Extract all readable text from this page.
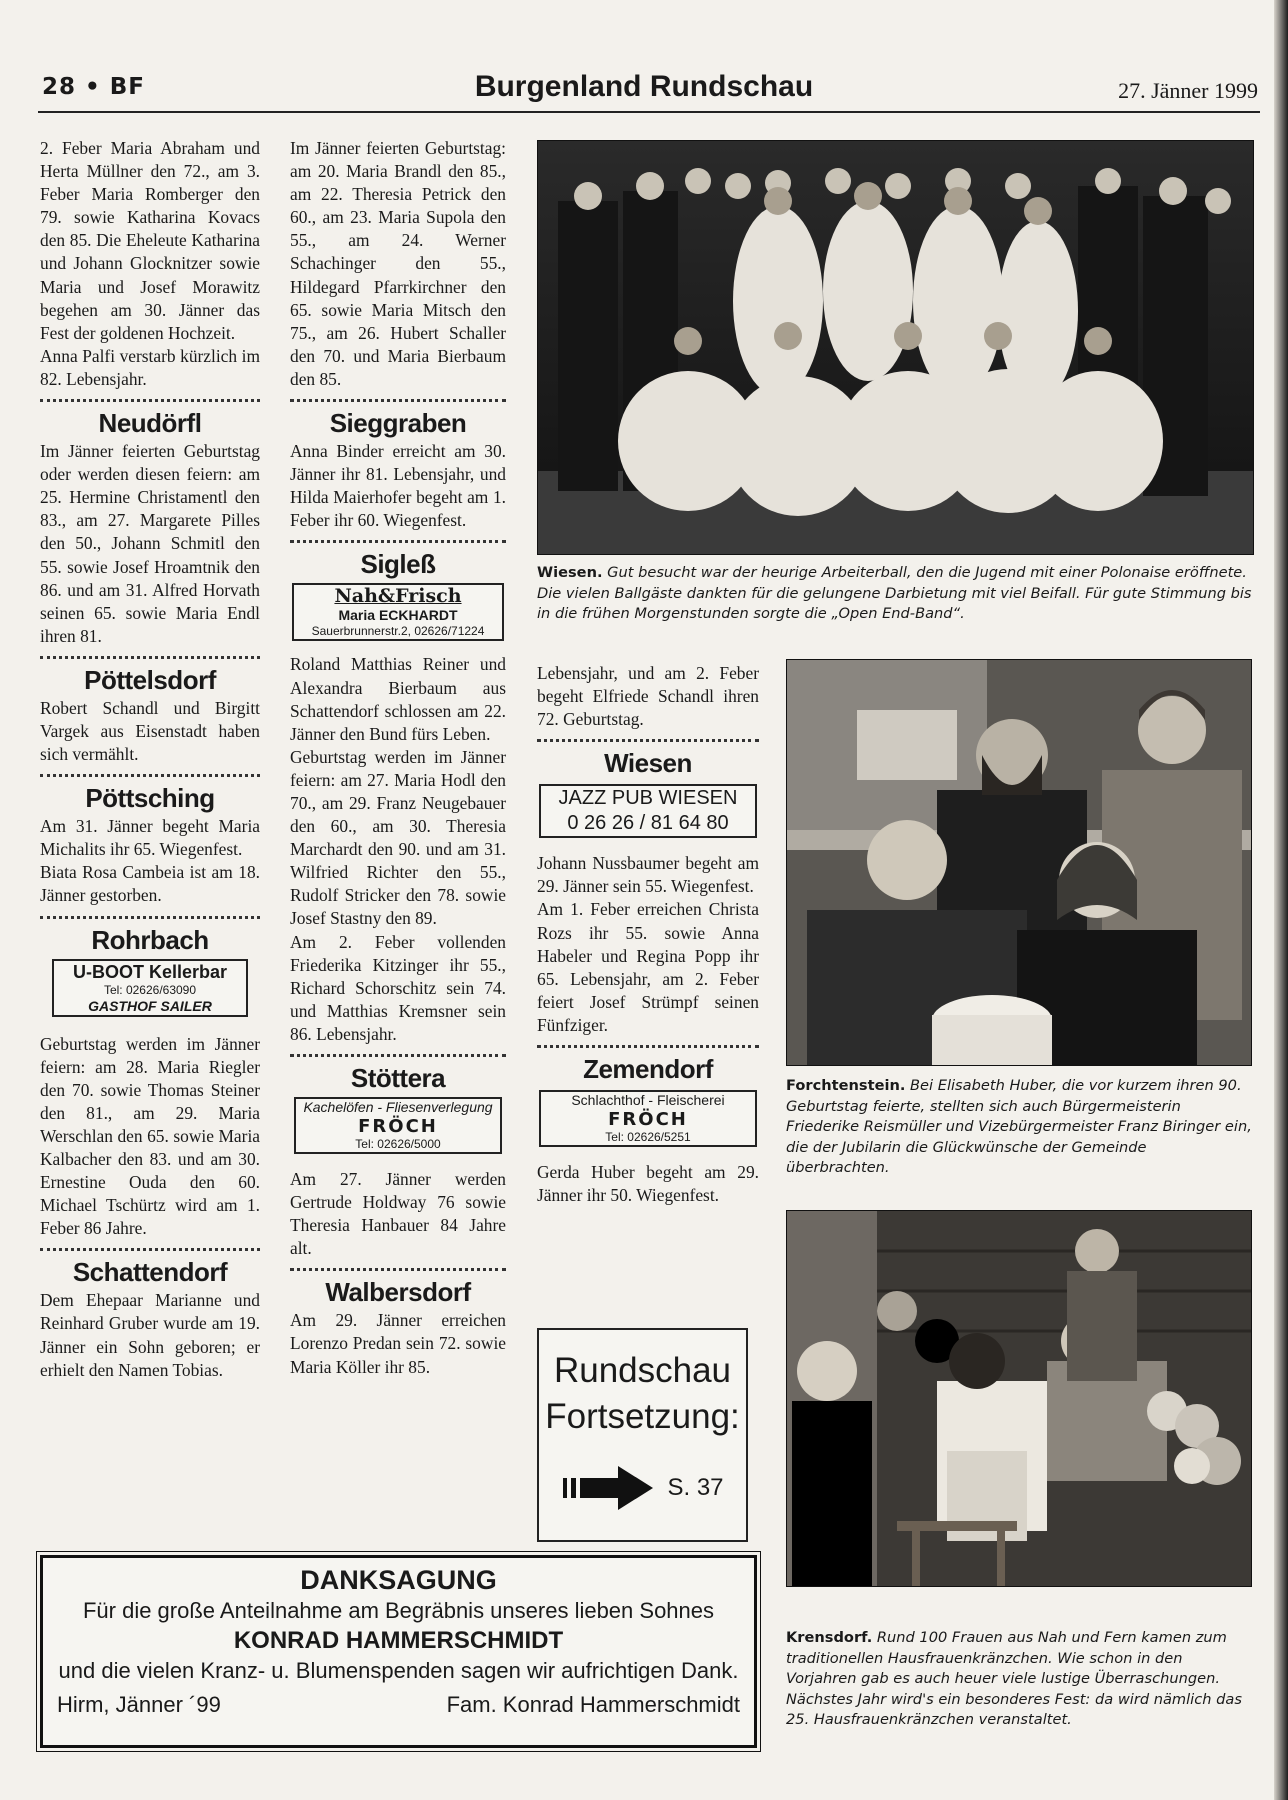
28 • BF	Burgenland Rundschau	27. Jänner 1999

2. Feber Maria Abraham und Herta Müllner den 72., am 3. Feber Maria Romberger den 79. sowie Katharina Kovacs den 85. Die Eheleute Katharina und Johann Glocknitzer sowie Maria und Josef Morawitz begehen am 30. Jänner das Fest der goldenen Hochzeit.

Anna Palfi verstarb kürzlich im 82. Lebensjahr.

Neudörfl

Im Jänner feierten Geburtstag oder werden diesen feiern: am 25. Hermine Christamentl den 83., am 27. Margarete Pilles den 50., Johann Schmitl den 55. sowie Josef Hroamtnik den 86. und am 31. Alfred Horvath seinen 65. sowie Maria Endl ihren 81.

Pöttelsdorf

Robert Schandl und Birgitt Vargek aus Eisenstadt haben sich vermählt.

Pöttsching

Am 31. Jänner begeht Maria Michalits ihr 65. Wiegenfest.

Biata Rosa Cambeia ist am 18. Jänner gestorben.

Rohrbach
U-BOOT Kellerbar
Tel: 02626/63090
GASTHOF SAILER

Geburtstag werden im Jänner feiern: am 28. Maria Riegler den 70. sowie Thomas Steiner den 81., am 29. Maria Werschlan den 65. sowie Maria Kalbacher den 83. und am 30. Ernestine Ouda den 60. Michael Tschürtz wird am 1. Feber 86 Jahre.

Schattendorf

Dem Ehepaar Marianne und Reinhard Gruber wurde am 19. Jänner ein Sohn geboren; er erhielt den Namen Tobias.

Im Jänner feierten Geburtstag: am 20. Maria Brandl den 85., am 22. Theresia Petrick den 60., am 23. Maria Supola den 55., am 24. Werner Schachinger den 55., Hildegard Pfarrkirchner den 65. sowie Maria Mitsch den 75., am 26. Hubert Schaller den 70. und Maria Bierbaum den 85.

Sieggraben

Anna Binder erreicht am 30. Jänner ihr 81. Lebensjahr, und Hilda Maierhofer begeht am 1. Feber ihr 60. Wiegenfest.

Sigleß
Nah&Frisch
Maria ECKHARDT
Sauerbrunnerstr.2, 02626/71224

Roland Matthias Reiner und Alexandra Bierbaum aus Schattendorf schlossen am 22. Jänner den Bund fürs Leben.

Geburtstag werden im Jänner feiern: am 27. Maria Hodl den 70., am 29. Franz Neugebauer den 60., am 30. Theresia Marchardt den 90. und am 31. Wilfried Richter den 55., Rudolf Stricker den 78. sowie Josef Stastny den 89.

Am 2. Feber vollenden Friederika Kitzinger ihr 55., Richard Schorschitz sein 74. und Matthias Kremsner sein 86. Lebensjahr.

Stöttera
Kachelöfen - Fliesenverlegung
FRÖCH
Tel: 02626/5000

Am 27. Jänner werden Gertrude Holdway 76 sowie Theresia Hanbauer 84 Jahre alt.

Walbersdorf

Am 29. Jänner erreichen Lorenzo Predan sein 72. sowie Maria Köller ihr 85.

Wiesen. Gut besucht war der heurige Arbeiterball, den die Jugend mit einer Polonaise eröffnete. Die vielen Ballgäste dankten für die gelungene Darbietung mit viel Beifall. Für gute Stimmung bis in die frühen Morgenstunden sorgte die „Open End-Band“.

Lebensjahr, und am 2. Feber begeht Elfriede Schandl ihren 72. Geburtstag.

Wiesen
JAZZ PUB WIESEN
0 26 26 / 81 64 80

Johann Nussbaumer begeht am 29. Jänner sein 55. Wiegenfest.

Am 1. Feber erreichen Christa Rozs ihr 55. sowie Anna Habeler und Regina Popp ihr 65. Lebensjahr, am 2. Feber feiert Josef Strümpf seinen Fünfziger.

Zemendorf
Schlachthof - Fleischerei
FRÖCH
Tel: 02626/5251

Gerda Huber begeht am 29. Jänner ihr 50. Wiegenfest.

Rundschau
Fortsetzung:
S. 37
Forchtenstein. Bei Elisabeth Huber, die vor kurzem ihren 90. Geburtstag feierte, stellten sich auch Bürgermeisterin Friederike Reismüller und Vizebürgermeister Franz Biringer ein, die der Jubilarin die Glückwünsche der Gemeinde überbrachten.
Krensdorf. Rund 100 Frauen aus Nah und Fern kamen zum traditionellen Hausfrauenkränzchen. Wie schon in den Vorjahren gab es auch heuer viele lustige Überraschungen. Nächstes Jahr wird's ein besonderes Fest: da wird nämlich das 25. Hausfrauenkränzchen veranstaltet.
DANKSAGUNG
Für die große Anteilnahme am Begräbnis unseres lieben Sohnes
KONRAD HAMMERSCHMIDT
und die vielen Kranz- u. Blumenspenden sagen wir aufrichtigen Dank.
Hirm, Jänner ´99	Fam. Konrad Hammerschmidt
